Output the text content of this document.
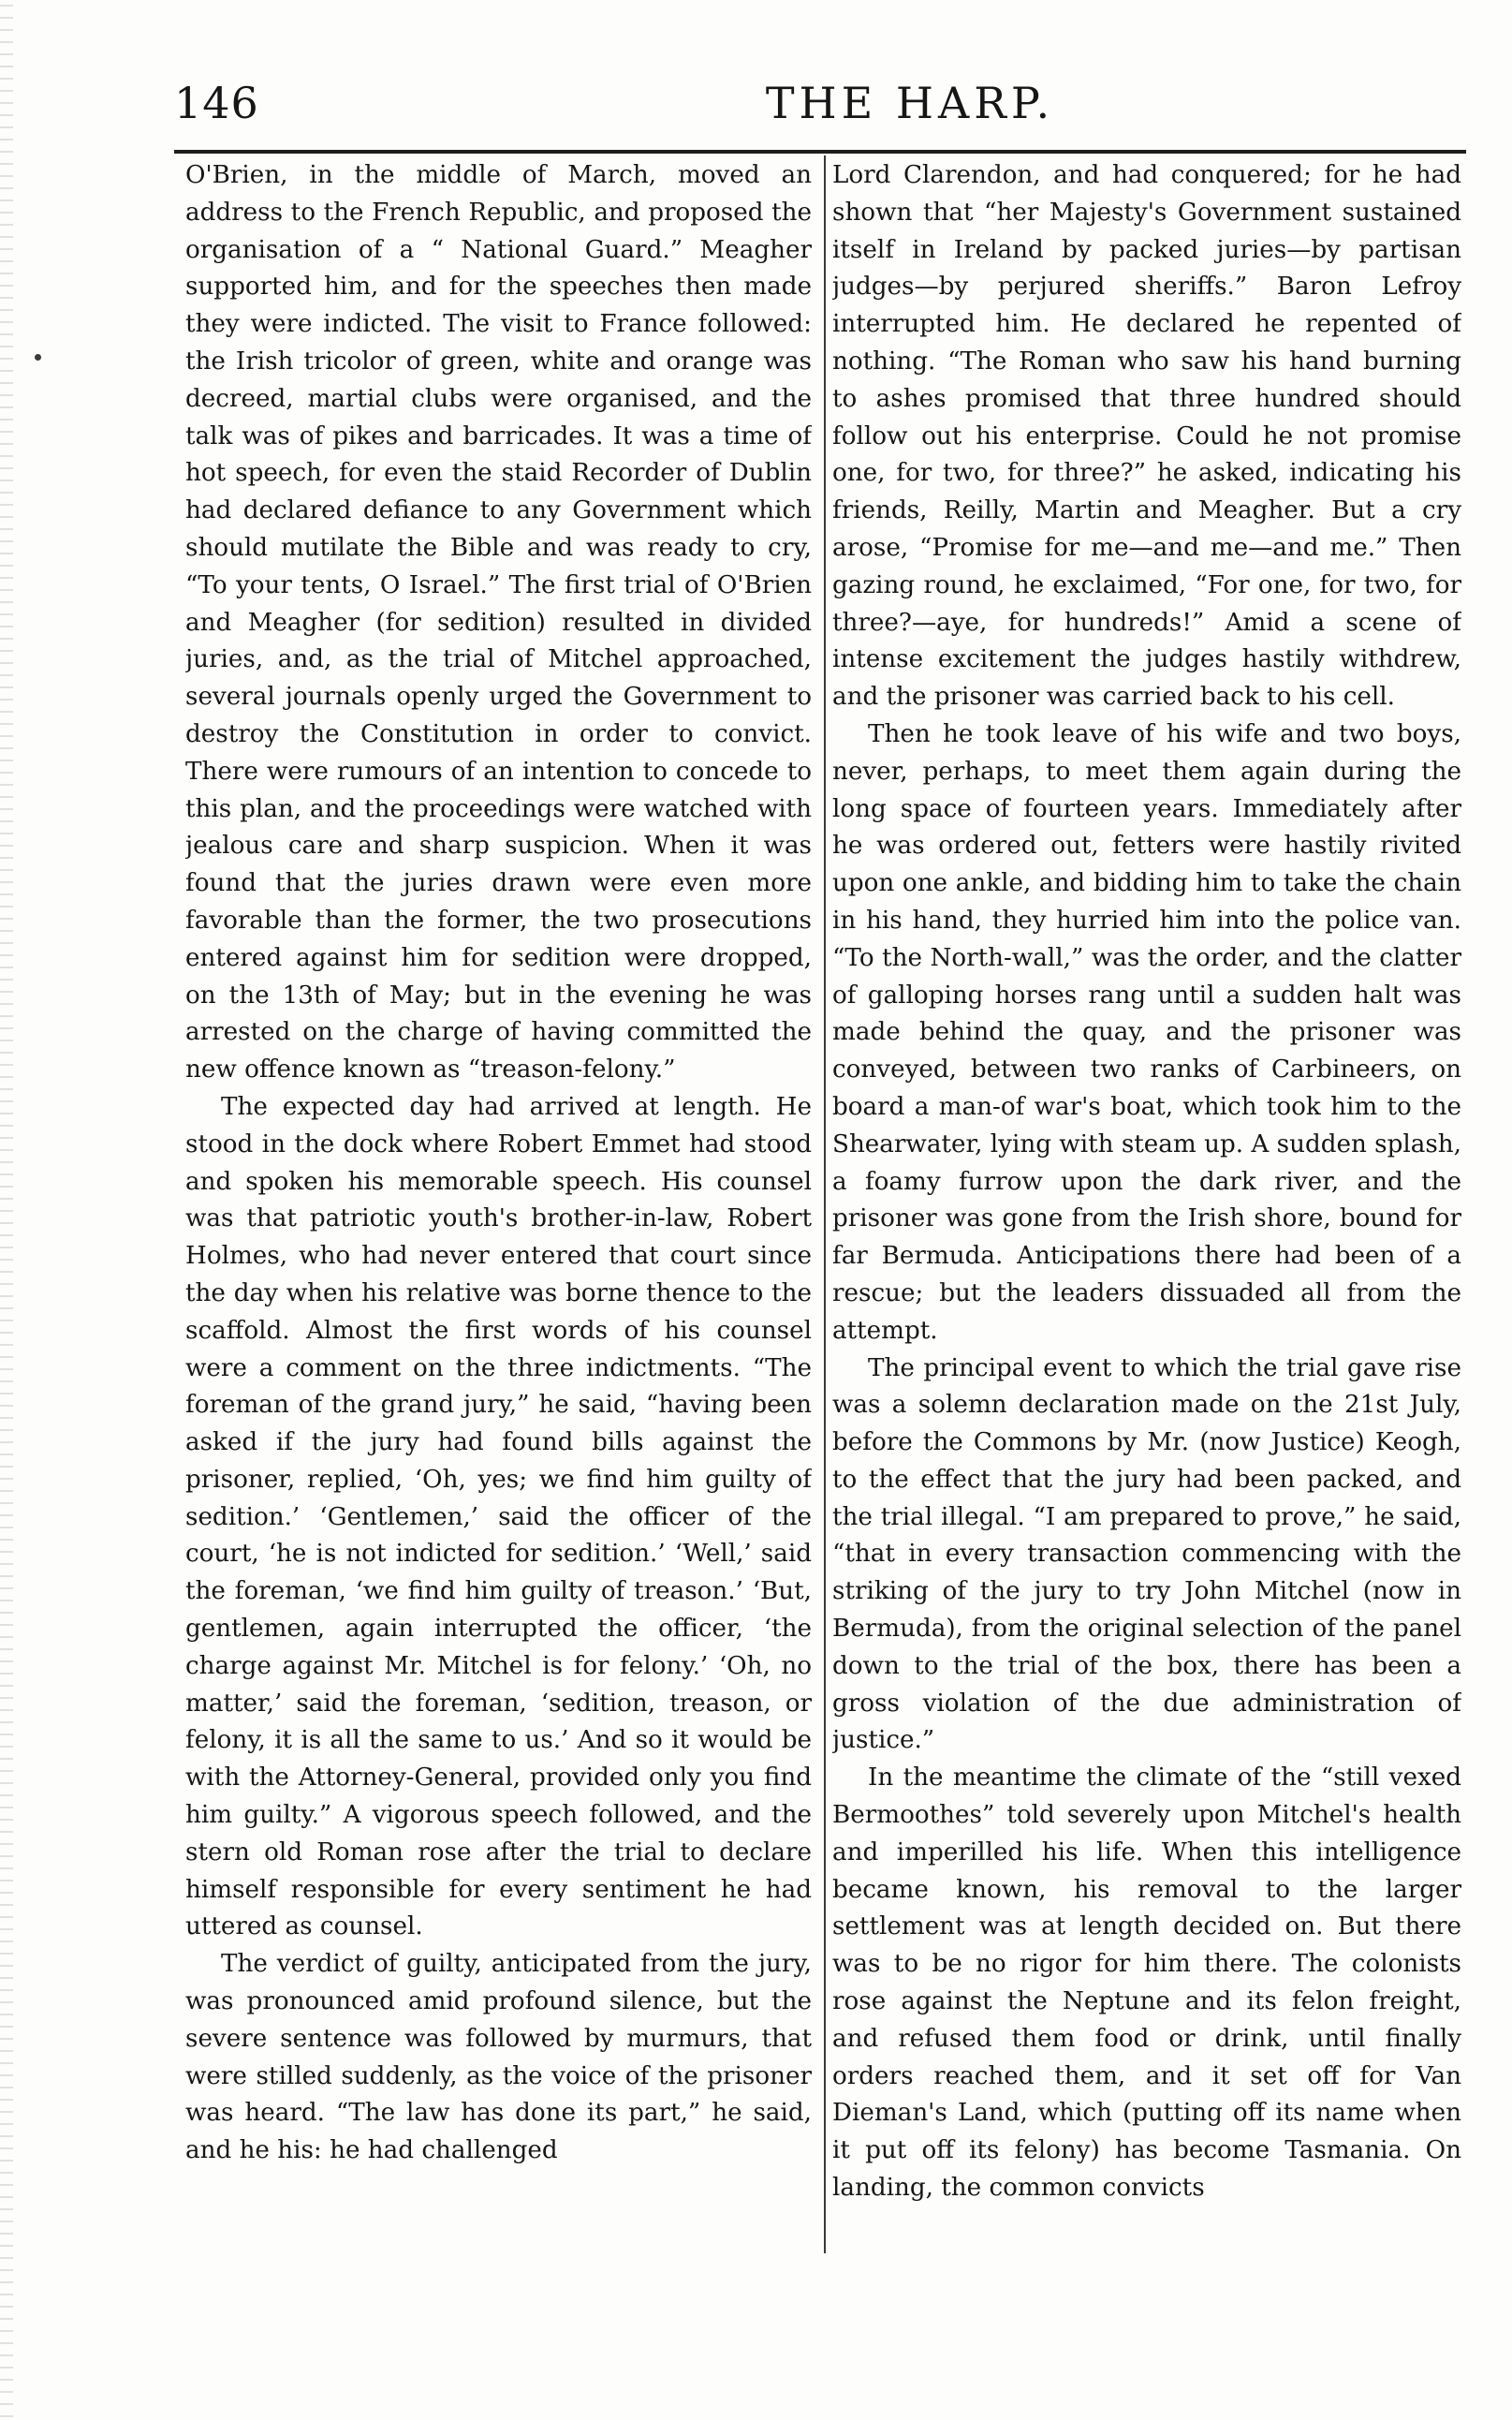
146	THE HARP.

O'Brien, in the middle of March, moved an address to the French Republic, and proposed the organisation of a “ National Guard.” Meagher supported him, and for the speeches then made they were indicted. The visit to France followed: the Irish tricolor of green, white and orange was decreed, martial clubs were organised, and the talk was of pikes and barricades. It was a time of hot speech, for even the staid Recorder of Dublin had declared defiance to any Government which should mutilate the Bible and was ready to cry, “To your tents, O Israel.” The first trial of O'Brien and Meagher (for sedition) resulted in divided juries, and, as the trial of Mitchel approached, several journals openly urged the Government to destroy the Constitution in order to convict. There were rumours of an intention to concede to this plan, and the proceedings were watched with jealous care and sharp suspicion. When it was found that the juries drawn were even more favorable than the former, the two prosecutions entered against him for sedition were dropped, on the 13th of May; but in the evening he was arrested on the charge of having committed the new offence known as “treason-felony.”

The expected day had arrived at length. He stood in the dock where Robert Emmet had stood and spoken his memorable speech. His counsel was that patriotic youth's brother-in-law, Robert Holmes, who had never entered that court since the day when his relative was borne thence to the scaffold. Almost the first words of his counsel were a comment on the three indictments. “The foreman of the grand jury,” he said, “having been asked if the jury had found bills against the prisoner, replied, ‘Oh, yes; we find him guilty of sedition.’ ‘Gentlemen,’ said the officer of the court, ‘he is not indicted for sedition.’ ‘Well,’ said the foreman, ‘we find him guilty of treason.’ ‘But, gentlemen, again interrupted the officer, ‘the charge against Mr. Mitchel is for felony.’ ‘Oh, no matter,’ said the foreman, ‘sedition, treason, or felony, it is all the same to us.’ And so it would be with the Attorney-General, provided only you find him guilty.” A vigorous speech followed, and the stern old Roman rose after the trial to declare himself responsible for every sentiment he had uttered as counsel.

The verdict of guilty, anticipated from the jury, was pronounced amid profound silence, but the severe sentence was followed by murmurs, that were stilled suddenly, as the voice of the prisoner was heard. “The law has done its part,” he said, and he his: he had challenged

Lord Clarendon, and had conquered; for he had shown that “her Majesty's Government sustained itself in Ireland by packed juries—by partisan judges—by perjured sheriffs.” Baron Lefroy interrupted him. He declared he repented of nothing. “The Roman who saw his hand burning to ashes promised that three hundred should follow out his enterprise. Could he not promise one, for two, for three?” he asked, indicating his friends, Reilly, Martin and Meagher. But a cry arose, “Promise for me—and me—and me.” Then gazing round, he exclaimed, “For one, for two, for three?—aye, for hundreds!” Amid a scene of intense excitement the judges hastily withdrew, and the prisoner was carried back to his cell.

Then he took leave of his wife and two boys, never, perhaps, to meet them again during the long space of fourteen years. Immediately after he was ordered out, fetters were hastily rivited upon one ankle, and bidding him to take the chain in his hand, they hurried him into the police van. “To the North-wall,” was the order, and the clatter of galloping horses rang until a sudden halt was made behind the quay, and the prisoner was conveyed, between two ranks of Carbineers, on board a man-of war's boat, which took him to the Shearwater, lying with steam up. A sudden splash, a foamy furrow upon the dark river, and the prisoner was gone from the Irish shore, bound for far Bermuda. Anticipations there had been of a rescue; but the leaders dissuaded all from the attempt.

The principal event to which the trial gave rise was a solemn declaration made on the 21st July, before the Commons by Mr. (now Justice) Keogh, to the effect that the jury had been packed, and the trial illegal. “I am prepared to prove,” he said, “that in every transaction commencing with the striking of the jury to try John Mitchel (now in Bermuda), from the original selection of the panel down to the trial of the box, there has been a gross violation of the due administration of justice.”

In the meantime the climate of the “still vexed Bermoothes” told severely upon Mitchel's health and imperilled his life. When this intelligence became known, his removal to the larger settlement was at length decided on. But there was to be no rigor for him there. The colonists rose against the Neptune and its felon freight, and refused them food or drink, until finally orders reached them, and it set off for Van Dieman's Land, which (putting off its name when it put off its felony) has become Tasmania. On landing, the common convicts
